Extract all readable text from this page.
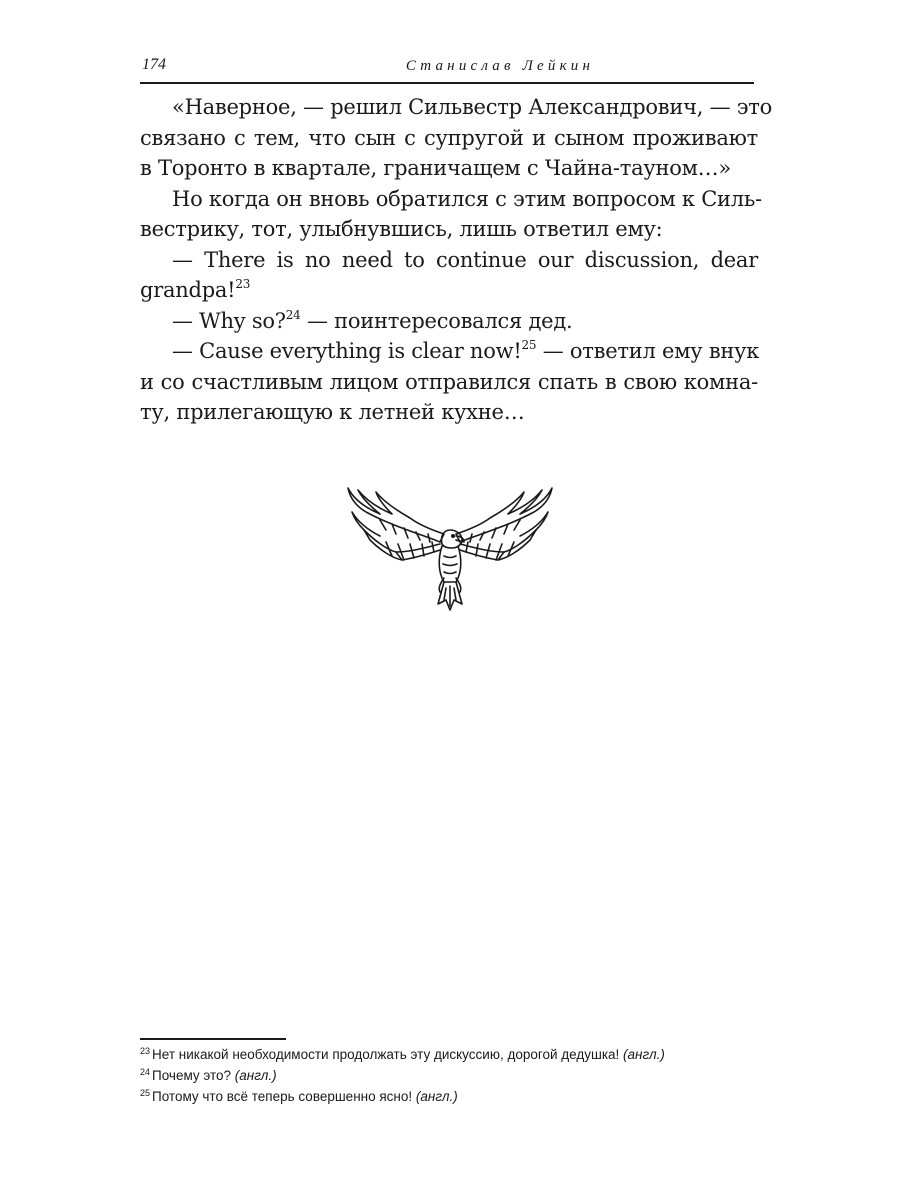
174	Станислав Лейкин
«Наверное, — решил Сильвестр Александрович, — это
связано с тем, что сын с супругой и сыном проживают
в Торонто в квартале, граничащем с Чайна-тауном…»
Но когда он вновь обратился с этим вопросом к Силь-
вестрику, тот, улыбнувшись, лишь ответил ему:
— There is no need to continue our discussion, dear
grandpa!$^{23}$
— Why so?$^{24}$ — поинтересовался дед.
— Cause everything is clear now!$^{25}$ — ответил ему внук
и со счастливым лицом отправился спать в свою комна-
ту, прилегающую к летней кухне…
$^{23}$ Нет никакой необходимости продолжать эту дискуссию, дорогой дедушка! (англ.)
$^{24}$ Почему это? (англ.)
$^{25}$ Потому что всё теперь совершенно ясно! (англ.)
